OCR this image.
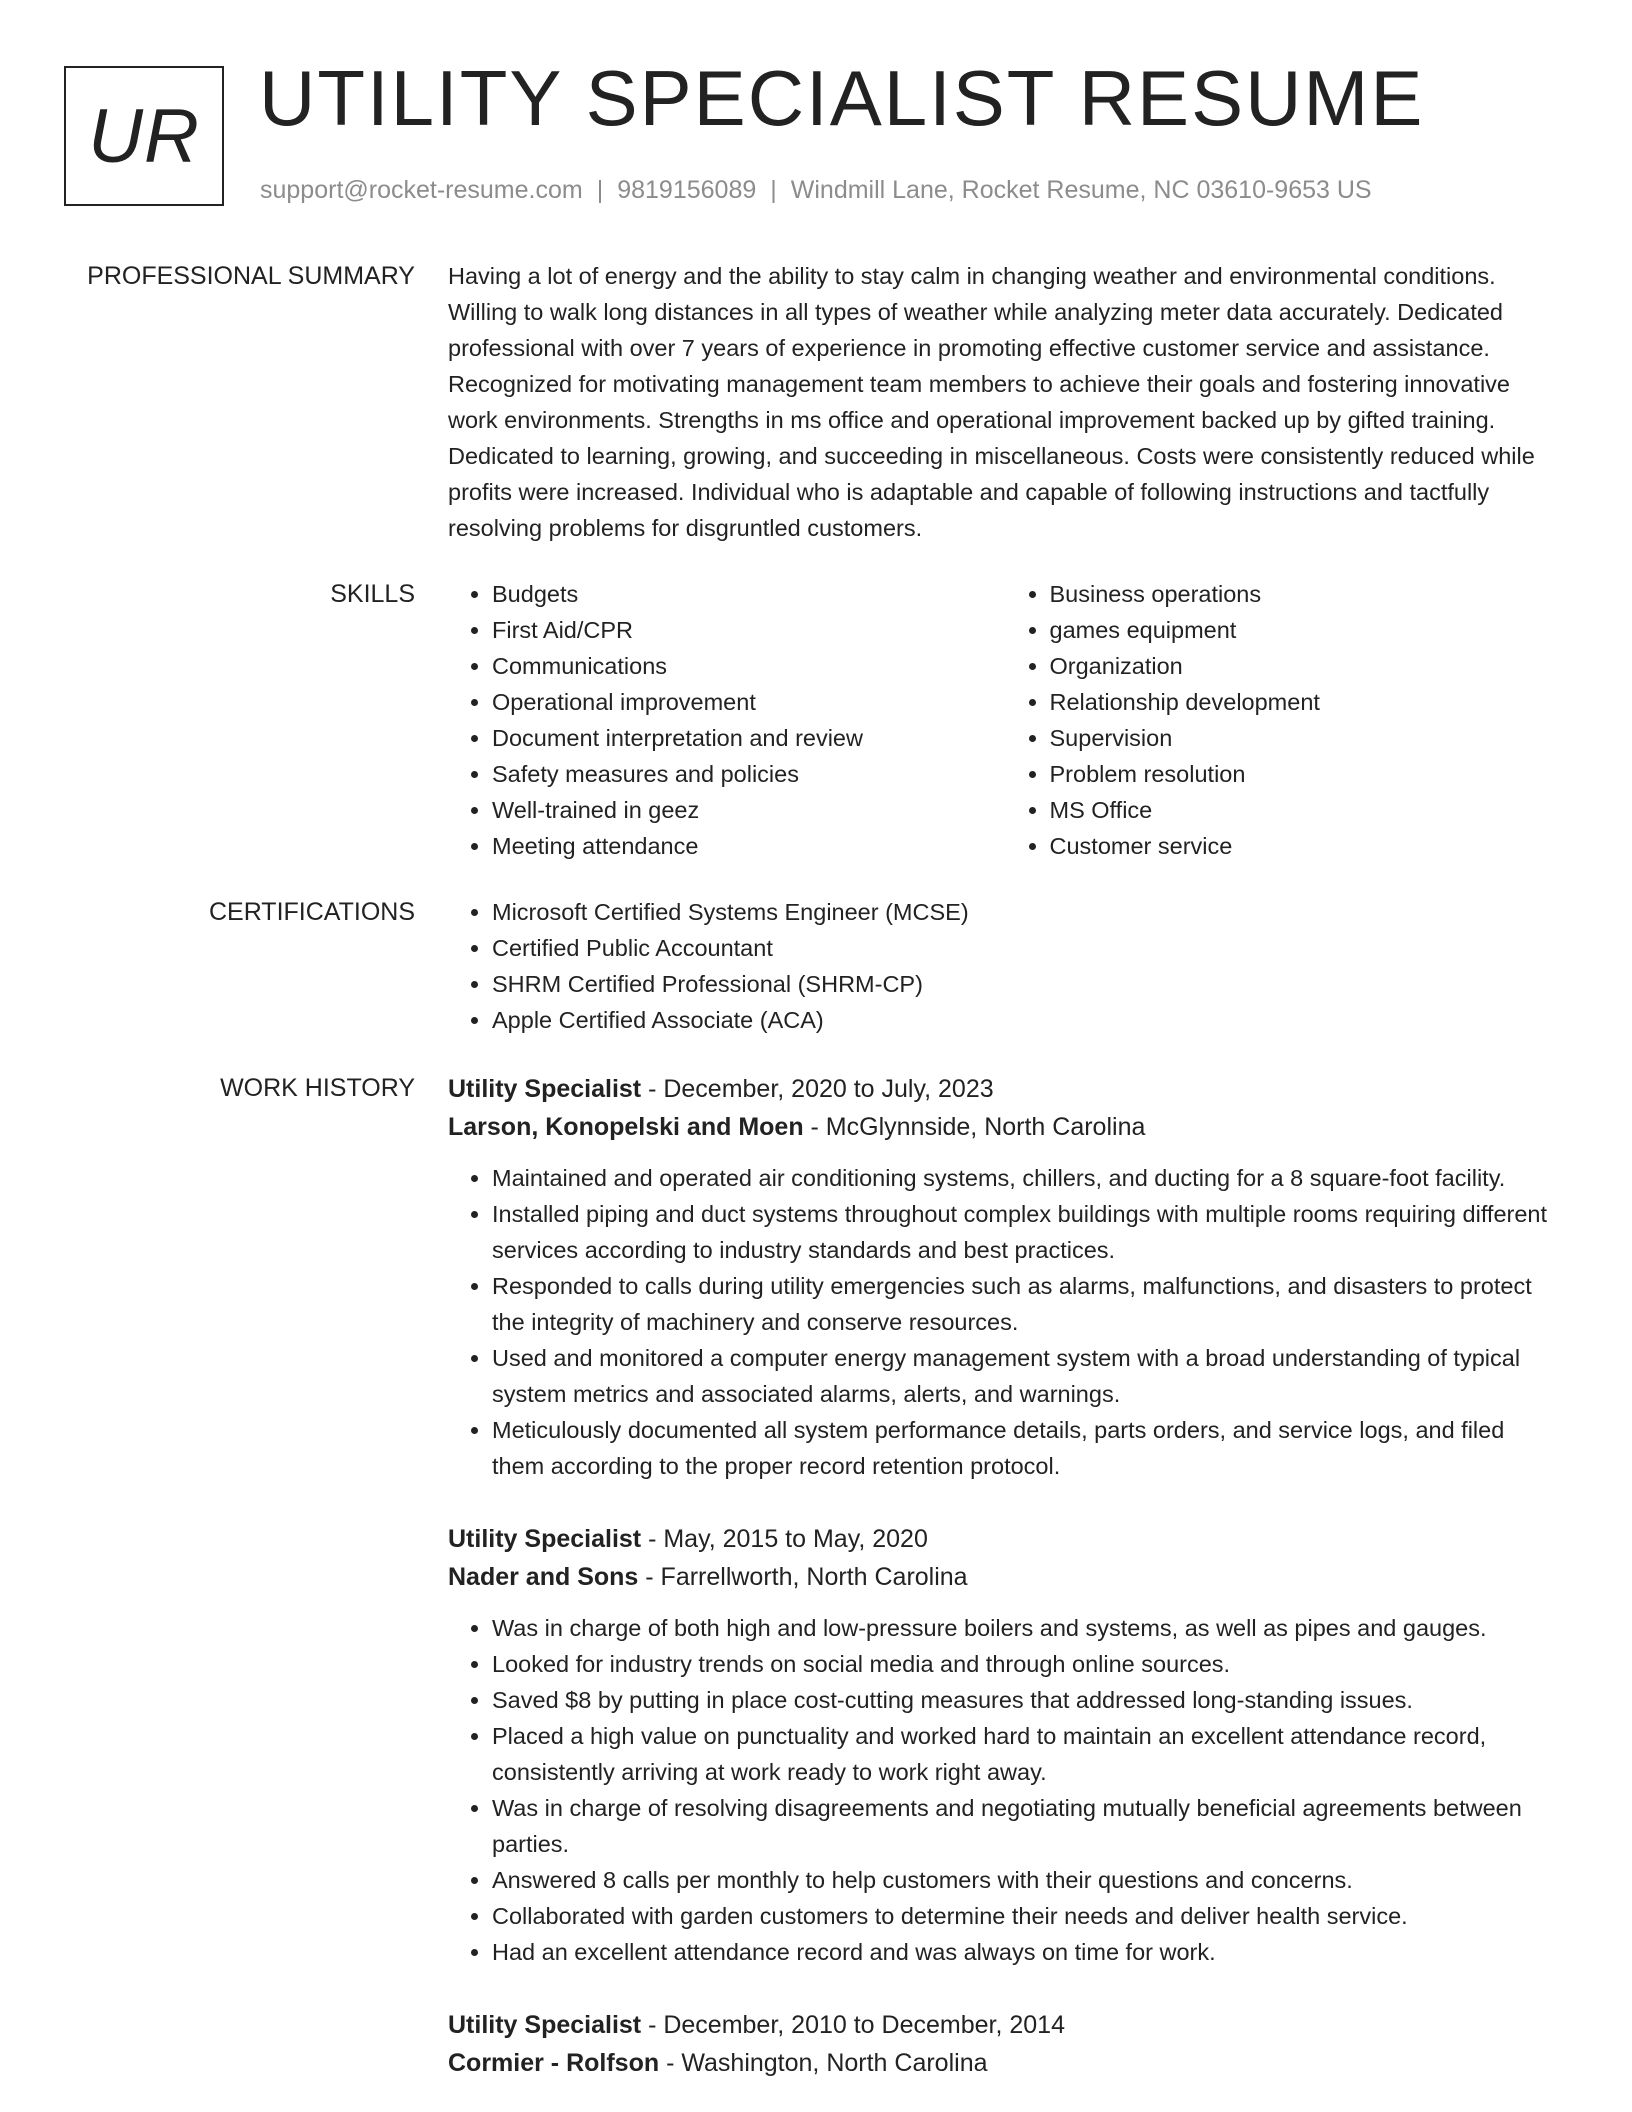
UR UTILITY SPECIALIST RESUME
support@rocket-resume.com | 9819156089 | Windmill Lane, Rocket Resume, NC 03610-9653 US
PROFESSIONAL SUMMARY Having a lot of energy and the ability to stay calm in changing weather and environmental conditions. Willing to walk long distances in all types of weather while analyzing meter data accurately. Dedicated professional with over 7 years of experience in promoting effective customer service and assistance. Recognized for motivating management team members to achieve their goals and fostering innovative work environments. Strengths in ms office and operational improvement backed up by gifted training. Dedicated to learning, growing, and succeeding in miscellaneous. Costs were consistently reduced while profits were increased. Individual who is adaptable and capable of following instructions and tactfully resolving problems for disgruntled customers.

SKILLS	• Budgets
• First Aid/CPR
• Communications
• Operational improvement
• Document interpretation and review
• Safety measures and policies
• Well-trained in geez
• Meeting attendance
• Business operations
• games equipment
• Organization
• Relationship development
• Supervision
• Problem resolution
• MS Office
• Customer service
CERTIFICATIONS	• Microsoft Certified Systems Engineer (MCSE)
• Certified Public Accountant
• SHRM Certified Professional (SHRM-CP)
• Apple Certified Associate (ACA)
WORK HISTORY Utility Specialist - December, 2020 to July, 2023
Larson, Konopelski and Moen - McGlynnside, North Carolina
• Maintained and operated air conditioning systems, chillers, and ducting for a 8 square-foot facility.
• Installed piping and duct systems throughout complex buildings with multiple rooms requiring different services according to industry standards and best practices.
• Responded to calls during utility emergencies such as alarms, malfunctions, and disasters to protect the integrity of machinery and conserve resources.
• Used and monitored a computer energy management system with a broad understanding of typical system metrics and associated alarms, alerts, and warnings.
• Meticulously documented all system performance details, parts orders, and service logs, and filed them according to the proper record retention protocol.
Utility Specialist - May, 2015 to May, 2020
Nader and Sons - Farrellworth, North Carolina
• Was in charge of both high and low-pressure boilers and systems, as well as pipes and gauges.
• Looked for industry trends on social media and through online sources.
• Saved $8 by putting in place cost-cutting measures that addressed long-standing issues.
• Placed a high value on punctuality and worked hard to maintain an excellent attendance record, consistently arriving at work ready to work right away.
• Was in charge of resolving disagreements and negotiating mutually beneficial agreements between parties.
• Answered 8 calls per monthly to help customers with their questions and concerns.
• Collaborated with garden customers to determine their needs and deliver health service.
• Had an excellent attendance record and was always on time for work.
Utility Specialist - December, 2010 to December, 2014
Cormier - Rolfson - Washington, North Carolina
